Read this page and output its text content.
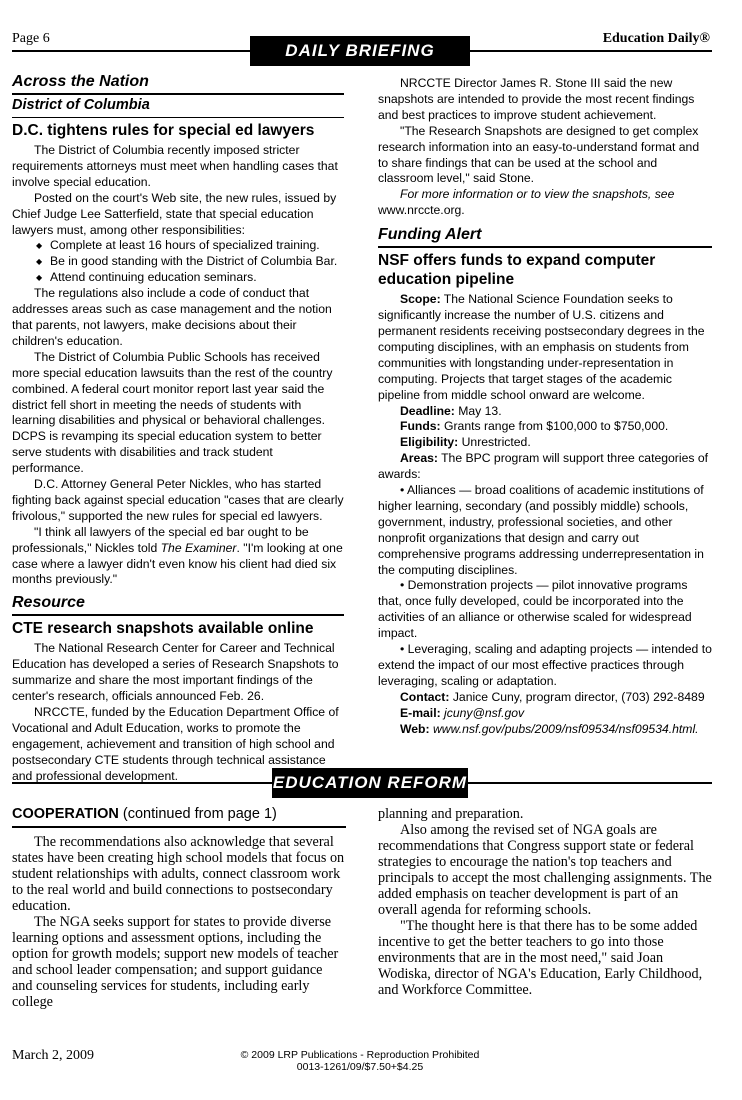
Page 6
DAILY BRIEFING
Education Daily®
Across the Nation
District of Columbia
D.C. tightens rules for special ed lawyers

The District of Columbia recently imposed stricter requirements attorneys must meet when handling cases that involve special education.

Posted on the court's Web site, the new rules, issued by Chief Judge Lee Satterfield, state that special education lawyers must, among other responsibilities:

◆ Complete at least 16 hours of specialized training.
◆ Be in good standing with the District of Columbia Bar.
◆ Attend continuing education seminars.

The regulations also include a code of conduct that addresses areas such as case management and the notion that parents, not lawyers, make decisions about their children's education.

The District of Columbia Public Schools has received more special education lawsuits than the rest of the country combined. A federal court monitor report last year said the district fell short in meeting the needs of students with learning disabilities and physical or behavioral challenges. DCPS is revamping its special education system to better serve students with disabilities and track student performance.

D.C. Attorney General Peter Nickles, who has started fighting back against special education "cases that are clearly frivolous," supported the new rules for special ed lawyers.

"I think all lawyers of the special ed bar ought to be professionals," Nickles told The Examiner. "I'm looking at one case where a lawyer didn't even know his client had died six months previously."

Resource
CTE research snapshots available online

The National Research Center for Career and Technical Education has developed a series of Research Snapshots to summarize and share the most important findings of the center's research, officials announced Feb. 26.

NRCCTE, funded by the Education Department Office of Vocational and Adult Education, works to promote the engagement, achievement and transition of high school and postsecondary CTE students through technical assistance and professional development.

NRCCTE Director James R. Stone III said the new snapshots are intended to provide the most recent findings and best practices to improve student achievement.

"The Research Snapshots are designed to get complex research information into an easy-to-understand format and to share findings that can be used at the school and classroom level," said Stone.

For more information or to view the snapshots, see www.nrccte.org.

Funding Alert
NSF offers funds to expand computer education pipeline

Scope: The National Science Foundation seeks to significantly increase the number of U.S. citizens and permanent residents receiving postsecondary degrees in the computing disciplines, with an emphasis on students from communities with longstanding under-representation in computing. Projects that target stages of the academic pipeline from middle school onward are welcome.

Deadline: May 13.

Funds: Grants range from $100,000 to $750,000.

Eligibility: Unrestricted.

Areas: The BPC program will support three categories of awards:

• Alliances — broad coalitions of academic institutions of higher learning, secondary (and possibly middle) schools, government, industry, professional societies, and other nonprofit organizations that design and carry out comprehensive programs addressing underrepresentation in the computing disciplines.

• Demonstration projects — pilot innovative programs that, once fully developed, could be incorporated into the activities of an alliance or otherwise scaled for widespread impact.

• Leveraging, scaling and adapting projects — intended to extend the impact of our most effective practices through leveraging, scaling or adaptation.

Contact: Janice Cuny, program director, (703) 292-8489

E-mail: jcuny@nsf.gov

Web: www.nsf.gov/pubs/2009/nsf09534/nsf09534.html.

EDUCATION REFORM
COOPERATION (continued from page 1)

The recommendations also acknowledge that several states have been creating high school models that focus on student relationships with adults, connect classroom work to the real world and build connections to postsecondary education.

The NGA seeks support for states to provide diverse learning options and assessment options, including the option for growth models; support new models of teacher and school leader compensation; and support guidance and counseling services for students, including early college

planning and preparation.

Also among the revised set of NGA goals are recommendations that Congress support state or federal strategies to encourage the nation's top teachers and principals to accept the most challenging assignments. The added emphasis on teacher development is part of an overall agenda for reforming schools.

"The thought here is that there has to be some added incentive to get the better teachers to go into those environments that are in the most need," said Joan Wodiska, director of NGA's Education, Early Childhood, and Workforce Committee.

March 2, 2009	© 2009 LRP Publications - Reproduction Prohibited
0013-1261/09/$7.50+$4.25
